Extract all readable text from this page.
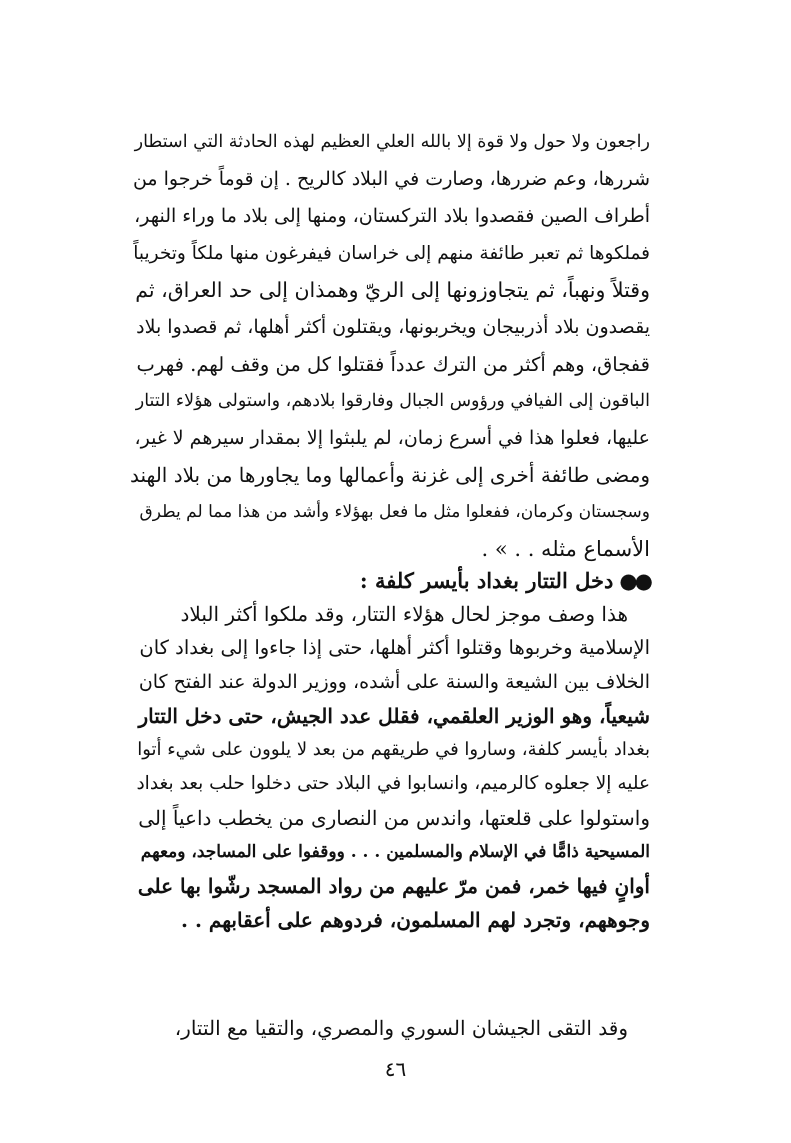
راجعون ولا حول ولا قوة إلا بالله العلي العظيم لهذه الحادثة التي استطار
شررها، وعم ضررها، وصارت في البلاد كالريح . إن قوماً خرجوا من
أطراف الصين فقصدوا بلاد التركستان، ومنها إلى بلاد ما وراء النهر،
فملكوها ثم تعبر طائفة منهم إلى خراسان فيفرغون منها ملكاً وتخريباً
وقتلاً ونهباً، ثم يتجاوزونها إلى الريّ وهمذان إلى حد العراق، ثم
يقصدون بلاد أذربيجان ويخربونها، ويقتلون أكثر أهلها، ثم قصدوا بلاد
قفجاق، وهم أكثر من الترك عدداً فقتلوا كل من وقف لهم. فهرب
الباقون إلى الفيافي ورؤوس الجبال وفارقوا بلادهم، واستولى هؤلاء التتار
عليها، فعلوا هذا في أسرع زمان، لم يلبثوا إلا بمقدار سيرهم لا غير،
ومضى طائفة أخرى إلى غزنة وأعمالها وما يجاورها من بلاد الهند
وسجستان وكرمان، ففعلوا مثل ما فعل بهؤلاء وأشد من هذا مما لم يطرق
الأسماع مثله . . » .
●●دخل التتار بغداد بأيسر كلفة :
هذا وصف موجز لحال هؤلاء التتار، وقد ملكوا أكثر البلاد
الإسلامية وخربوها وقتلوا أكثر أهلها، حتى إذا جاءوا إلى بغداد كان
الخلاف بين الشيعة والسنة على أشده، ووزير الدولة عند الفتح كان
شيعياً، وهو الوزير العلقمي، فقلل عدد الجيش، حتى دخل التتار
بغداد بأيسر كلفة، وساروا في طريقهم من بعد لا يلوون على شيء أتوا
عليه إلا جعلوه كالرميم، وانسابوا في البلاد حتى دخلوا حلب بعد بغداد
واستولوا على قلعتها، واندس من النصارى من يخطب داعياً إلى
المسيحية ذامًّا في الإسلام والمسلمين . . . ووقفوا على المساجد، ومعهم
أوانٍ فيها خمر، فمن مرّ عليهم من رواد المسجد رشّوا بها على
وجوههم، وتجرد لهم المسلمون، فردوهم على أعقابهم . .
وقد التقى الجيشان السوري والمصري، والتقيا مع التتار،
٤٦
